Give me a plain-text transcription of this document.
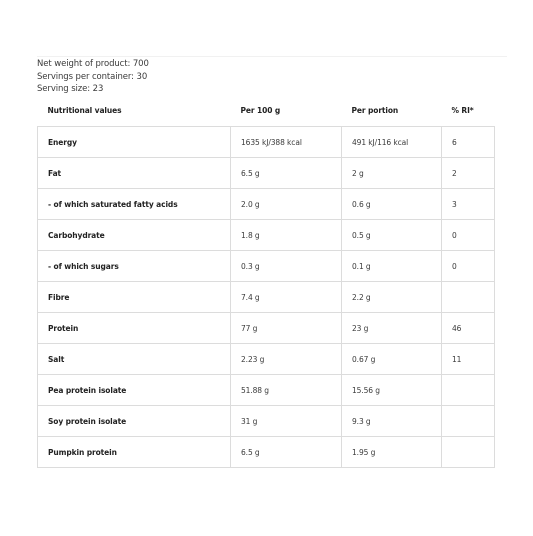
Net weight of product: 700
Servings per container: 30
Serving size: 23
Nutritional values	Per 100 g	Per portion	% RI*
Energy	1635 kJ/388 kcal	491 kJ/116 kcal	6
Fat	6.5 g	2 g	2
- of which saturated fatty acids	2.0 g	0.6 g	3
Carbohydrate	1.8 g	0.5 g	0
- of which sugars	0.3 g	0.1 g	0
Fibre	7.4 g	2.2 g	
Protein	77 g	23 g	46
Salt	2.23 g	0.67 g	11
Pea protein isolate	51.88 g	15.56 g	
Soy protein isolate	31 g	9.3 g	
Pumpkin protein	6.5 g	1.95 g	
